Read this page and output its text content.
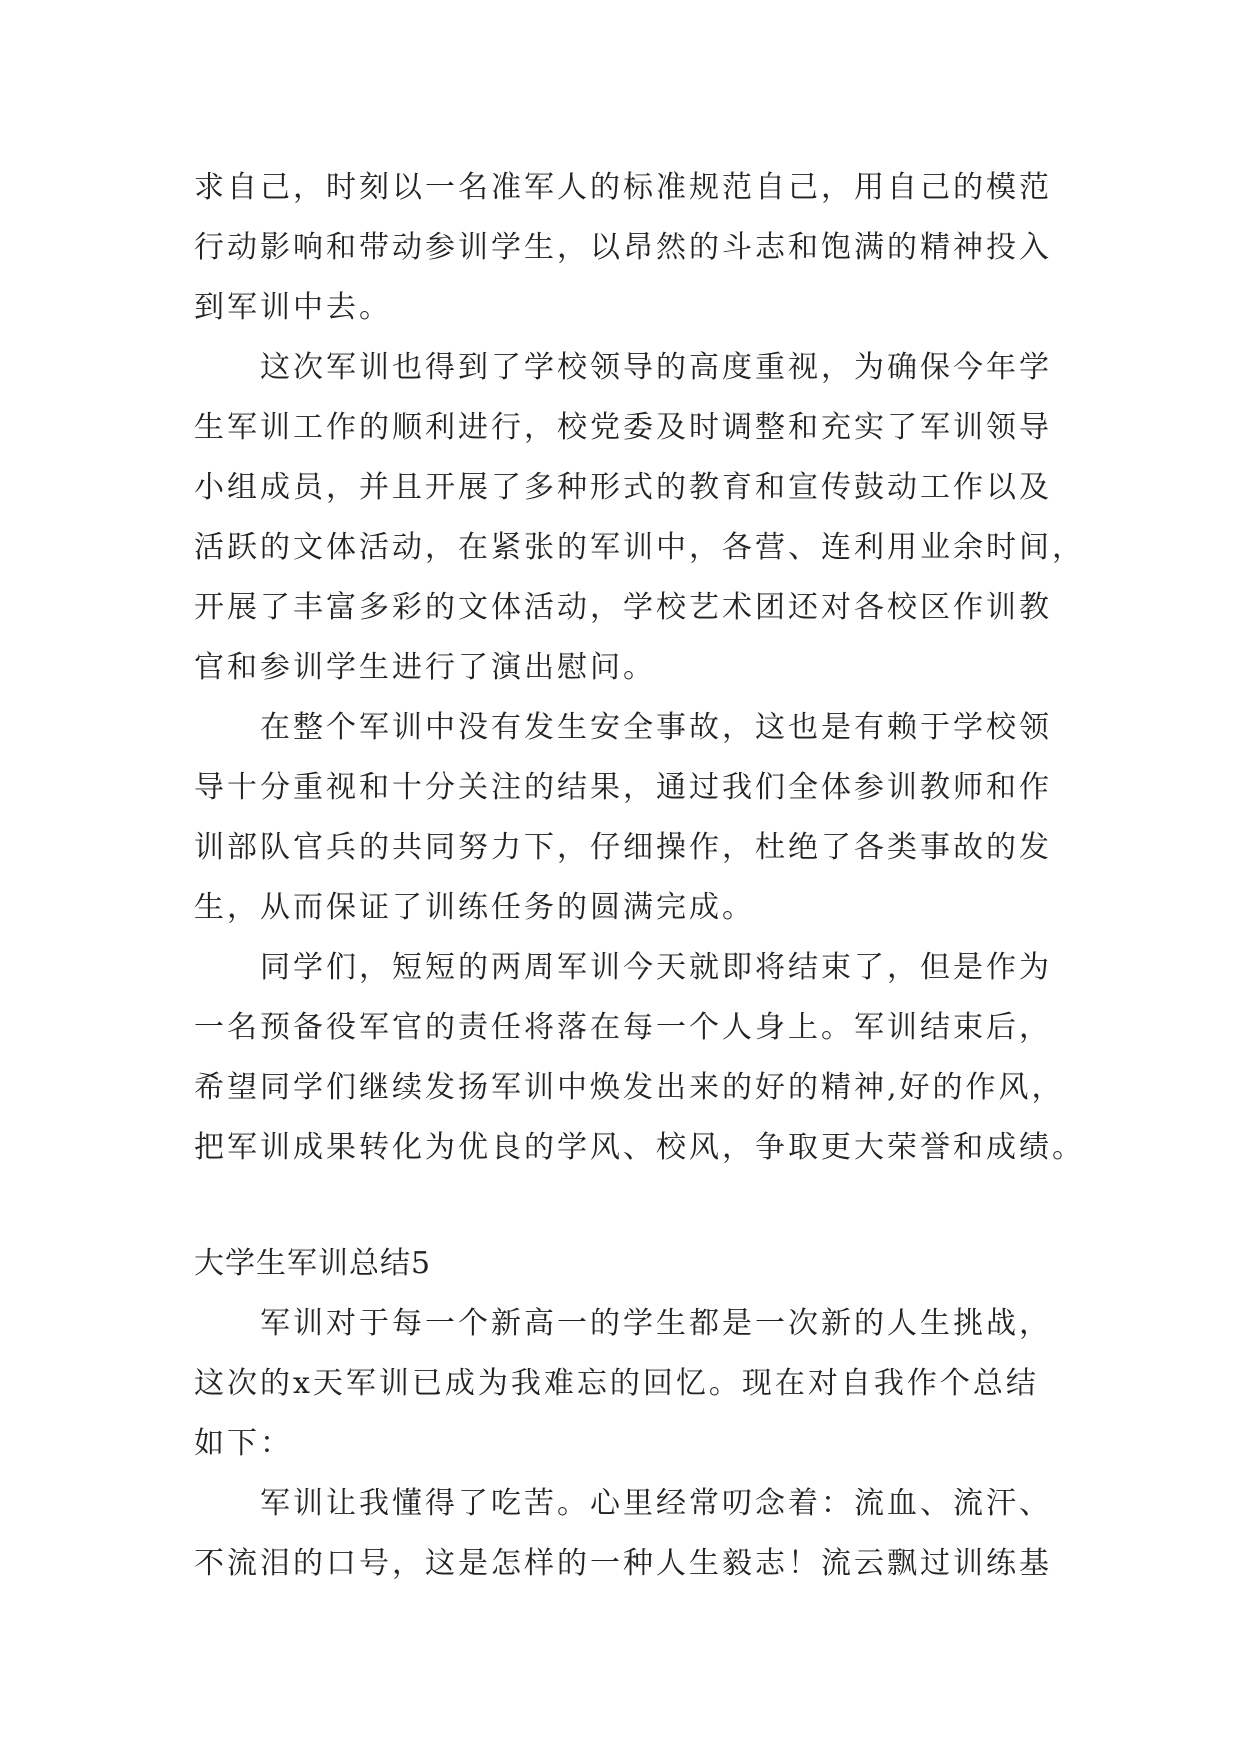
求自己，时刻以一名准军人的标准规范自己，用自己的模范
行动影响和带动参训学生，以昂然的斗志和饱满的精神投入
到军训中去。
　　这次军训也得到了学校领导的高度重视，为确保今年学
生军训工作的顺利进行，校党委及时调整和充实了军训领导
小组成员，并且开展了多种形式的教育和宣传鼓动工作以及
活跃的文体活动，在紧张的军训中，各营、连利用业余时间，
开展了丰富多彩的文体活动，学校艺术团还对各校区作训教
官和参训学生进行了演出慰问。
　　在整个军训中没有发生安全事故，这也是有赖于学校领
导十分重视和十分关注的结果，通过我们全体参训教师和作
训部队官兵的共同努力下，仔细操作，杜绝了各类事故的发
生，从而保证了训练任务的圆满完成。
　　同学们，短短的两周军训今天就即将结束了，但是作为
一名预备役军官的责任将落在每一个人身上。军训结束后，
希望同学们继续发扬军训中焕发出来的好的精神,好的作风，
把军训成果转化为优良的学风、校风，争取更大荣誉和成绩。
大学生军训总结5
　　军训对于每一个新高一的学生都是一次新的人生挑战，
这次的x天军训已成为我难忘的回忆。现在对自我作个总结
如下：
　　军训让我懂得了吃苦。心里经常叨念着：流血、流汗、
不流泪的口号，这是怎样的一种人生毅志！流云飘过训练基
